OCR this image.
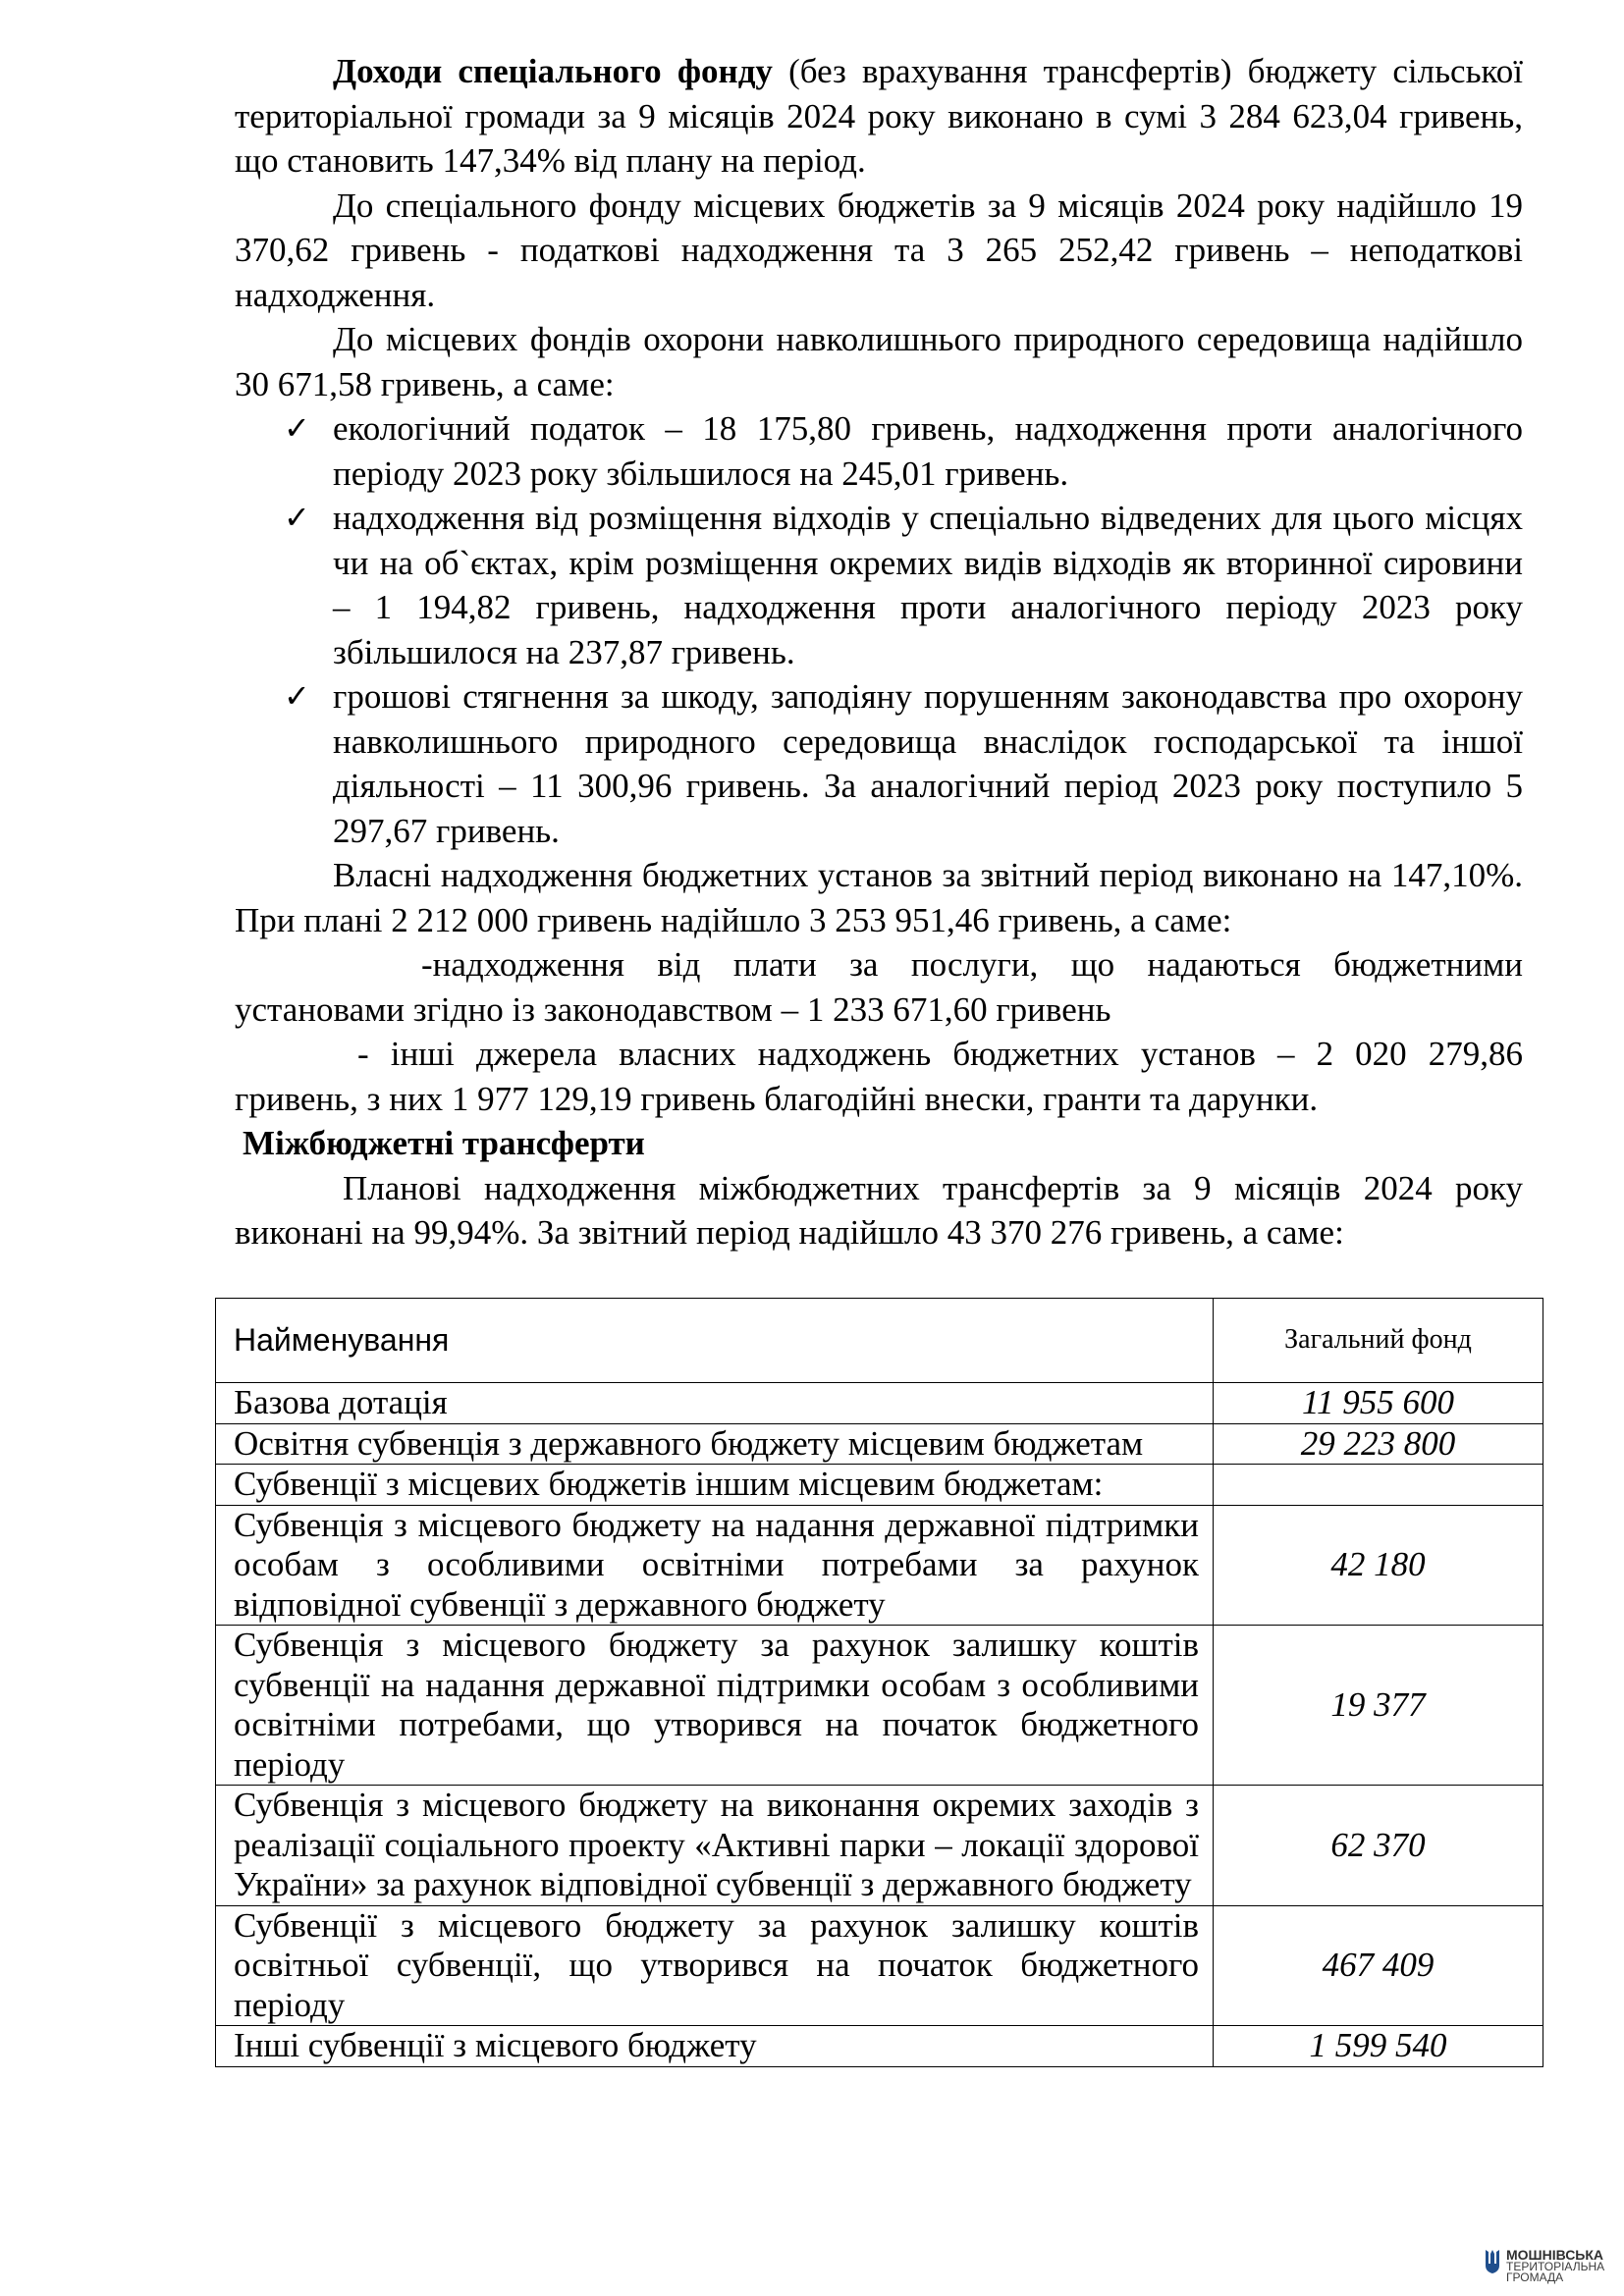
Доходи спеціального фонду (без врахування трансфертів) бюджету сільської територіальної громади за 9 місяців 2024 року виконано в сумі 3 284 623,04 гривень, що становить 147,34% від плану на період.

До спеціального фонду місцевих бюджетів за 9 місяців 2024 року надійшло 19 370,62 гривень - податкові надходження та 3 265 252,42 гривень – неподаткові надходження.

До місцевих фондів охорони навколишнього природного середовища надійшло 30 671,58 гривень, а саме:

✓ екологічний податок – 18 175,80 гривень, надходження проти аналогічного періоду 2023 року збільшилося на 245,01 гривень.
✓ надходження від розміщення відходів у спеціально відведених для цього місцях чи на об`єктах, крім розміщення окремих видів відходів як вторинної сировини – 1 194,82 гривень, надходження проти аналогічного періоду 2023 року збільшилося на 237,87 гривень.
✓ грошові стягнення за шкоду, заподіяну порушенням законодавства про охорону навколишнього природного середовища внаслідок господарської та іншої діяльності – 11 300,96 гривень. За аналогічний період 2023 року поступило 5 297,67 гривень.

Власні надходження бюджетних установ за звітний період виконано на 147,10%. При плані 2 212 000 гривень надійшло 3 253 951,46 гривень, а саме:

-надходження від плати за послуги, що надаються бюджетними установами згідно із законодавством – 1 233 671,60 гривень

- інші джерела власних надходжень бюджетних установ – 2 020 279,86 гривень, з них 1 977 129,19 гривень благодійні внески, гранти та дарунки.

Міжбюджетні трансферти

Планові надходження міжбюджетних трансфертів за 9 місяців 2024 року виконані на 99,94%. За звітний період надійшло 43 370 276 гривень, а саме:

Найменування	Загальний фонд
Базова дотація	11 955 600
Освітня субвенція з державного бюджету місцевим бюджетам	29 223 800
Субвенції з місцевих бюджетів іншим місцевим бюджетам:	
Субвенція з місцевого бюджету на надання державної підтримки особам з особливими освітніми потребами за рахунок відповідної субвенції з державного бюджету	42 180
Субвенція з місцевого бюджету за рахунок залишку коштів субвенції на надання державної підтримки особам з особливими освітніми потребами, що утворився на початок бюджетного періоду	19 377
Субвенція з місцевого бюджету на виконання окремих заходів з реалізації соціального проекту «Активні парки – локації здорової України» за рахунок відповідної субвенції з державного бюджету	62 370
Субвенції з місцевого бюджету за рахунок залишку коштів освітньої субвенції, що утворився на початок бюджетного періоду	467 409
Інші субвенції з місцевого бюджету	1 599 540
МОШНІВСЬКА
ТЕРИТОРІАЛЬНА
ГРОМАДА
